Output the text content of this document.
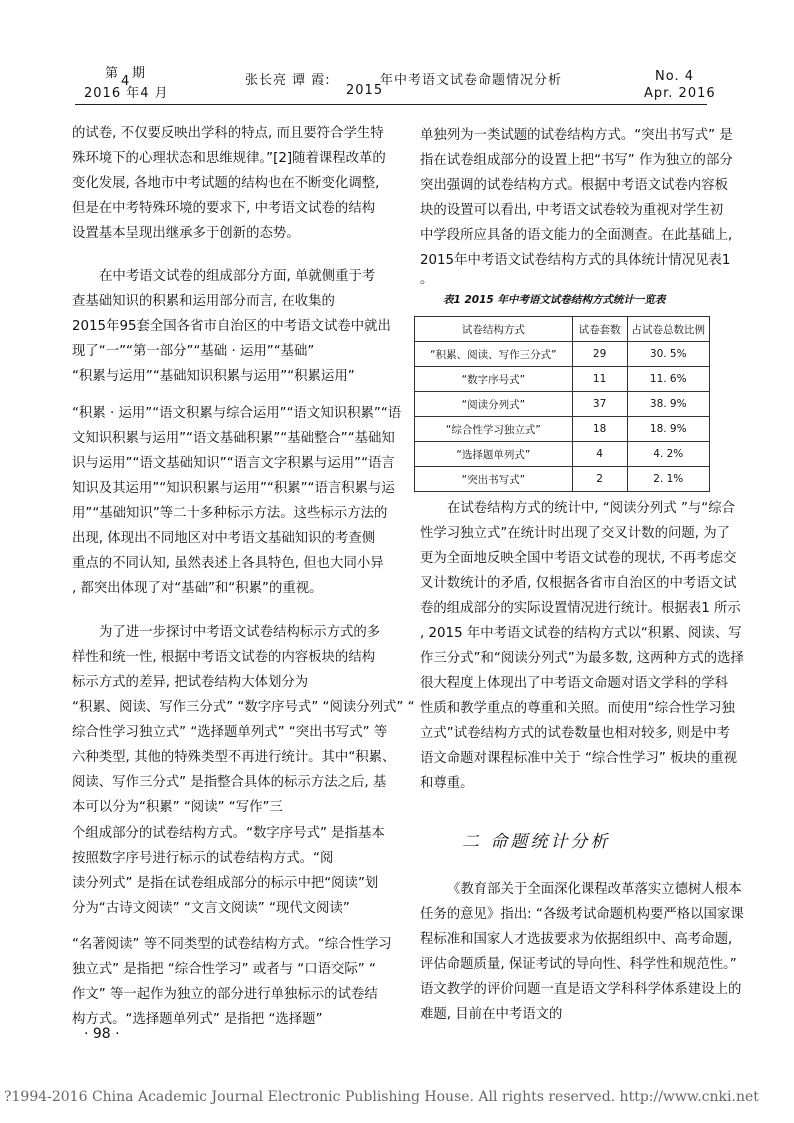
第
4
期
2016 年4 月
张长亮 谭 霞:	年中考语文试卷命题情况分析
2015
No. 4
Apr. 2016
的试卷, 不仅要反映出学科的特点, 而且要符合学生特
殊环境下的心理状态和思维规律。”[2]随着课程改革的
变化发展, 各地市中考试题的结构也在不断变化调整,
但是在中考特殊环境的要求下, 中考语文试卷的结构
设置基本呈现出继承多于创新的态势。
在中考语文试卷的组成部分方面, 单就侧重于考
查基础知识的积累和运用部分而言, 在收集的
2015年95套全国各省市自治区的中考语文试卷中就出
现了“一”“第一部分”“基础 · 运用”“基础”
“积累与运用”“基础知识积累与运用”“积累运用”
“积累 · 运用”“语文积累与综合运用”“语文知识积累”“语
文知识积累与运用”“语文基础积累”“基础整合”“基础知
识与运用”“语文基础知识”“语言文字积累与运用”“语言
知识及其运用”“知识积累与运用”“积累”“语言积累与运
用”“基础知识”等二十多种标示方法。这些标示方法的
出现, 体现出不同地区对中考语文基础知识的考查侧
重点的不同认知, 虽然表述上各具特色, 但也大同小异
, 都突出体现了对“基础”和“积累”的重视。
为了进一步探讨中考语文试卷结构标示方式的多
样性和统一性, 根据中考语文试卷的内容板块的结构
标示方式的差异, 把试卷结构大体划分为
“积累、阅读、写作三分式” “数字序号式” “阅读分列式” “
综合性学习独立式” “选择题单列式” “突出书写式” 等
六种类型, 其他的特殊类型不再进行统计。其中“积累、
阅读、写作三分式” 是指整合具体的标示方法之后, 基
本可以分为“积累” “阅读” “写作”三
个组成部分的试卷结构方式。“数字序号式” 是指基本
按照数字序号进行标示的试卷结构方式。“阅
读分列式” 是指在试卷组成部分的标示中把“阅读”划
分为“古诗文阅读” “文言文阅读” “现代文阅读”
“名著阅读” 等不同类型的试卷结构方式。“综合性学习
独立式” 是指把 “综合性学习” 或者与 “口语交际” “
作文” 等一起作为独立的部分进行单独标示的试卷结
构方式。“选择题单列式” 是指把 “选择题”
单独列为一类试题的试卷结构方式。“突出书写式” 是
指在试卷组成部分的设置上把“书写” 作为独立的部分
突出强调的试卷结构方式。根据中考语文试卷内容板
块的设置可以看出, 中考语文试卷较为重视对学生初
中学段所应具备的语文能力的全面测查。在此基础上,
2015年中考语文试卷结构方式的具体统计情况见表1
。
表1 2015 年中考语文试卷结构方式统计一览表
试卷结构方式	试卷套数	占试卷总数比例
“积累、阅读、写作三分式”	29	30. 5%
“数字序号式”	11	11. 6%
“阅读分列式”	37	38. 9%
“综合性学习独立式”	18	18. 9%
“选择题单列式”	4	4. 2%
“突出书写式”	2	2. 1%
在试卷结构方式的统计中, “阅读分列式 ”与“综合
性学习独立式”在统计时出现了交叉计数的问题, 为了
更为全面地反映全国中考语文试卷的现状, 不再考虑交
叉计数统计的矛盾, 仅根据各省市自治区的中考语文试
卷的组成部分的实际设置情况进行统计。根据表1 所示
, 2015 年中考语文试卷的结构方式以“积累、阅读、写
作三分式”和“阅读分列式”为最多数, 这两种方式的选择
很大程度上体现出了中考语文命题对语文学科的学科
性质和教学重点的尊重和关照。而使用“综合性学习独
立式”试卷结构方式的试卷数量也相对较多, 则是中考
语文命题对课程标准中关于 “综合性学习” 板块的重视
和尊重。
二 命题统计分析
《教育部关于全面深化课程改革落实立德树人根本
任务的意见》指出: “各级考试命题机构要严格以国家课
程标准和国家人才选拔要求为依据组织中、高考命题,
评估命题质量, 保证考试的导向性、科学性和规范性。”
语文教学的评价问题一直是语文学科科学体系建设上的
难题, 目前在中考语文的
· 98 ·
?1994-2016 China Academic Journal Electronic Publishing House. All rights reserved. http://www.cnki.net
